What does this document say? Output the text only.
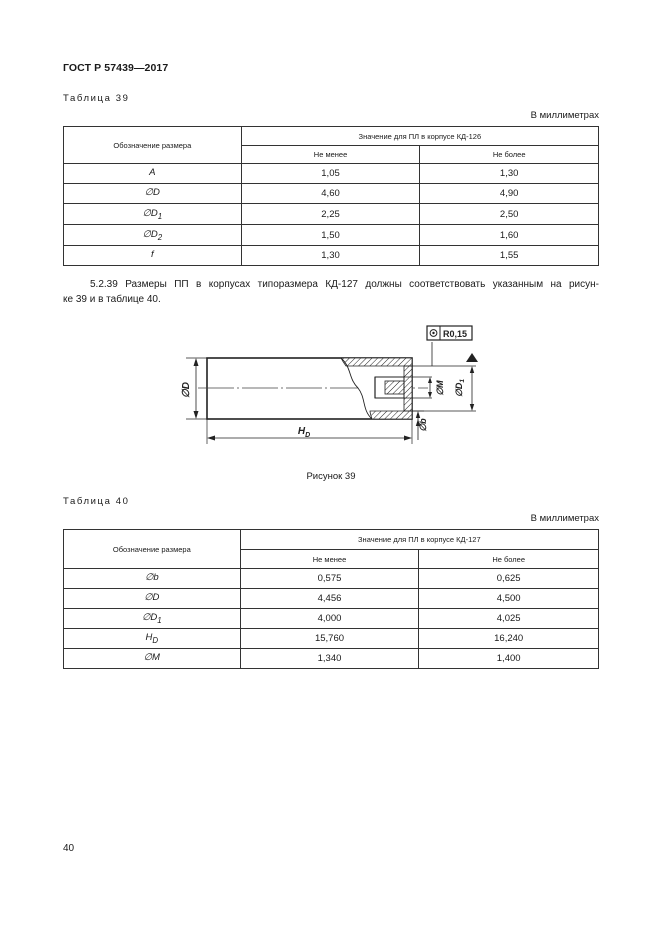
ГОСТ Р 57439—2017
Таблица 39
В миллиметрах
Обозначение размера	Значение для ПЛ в корпусе КД-126	
	Не менее	Не более
A	1,05	1,30
∅D	4,60	4,90
$\emptyset D_1$	2,25	2,50
$\emptyset D_2$	1,50	1,60
f	1,30	1,55
5.2.39 Размеры ПП в корпусах типоразмера КД-127 должны соответствовать указанным на рисун-
ке 39 и в таблице 40.
∅D
$H_D$
∅b
∅M $\emptyset D_1$
R0,15
Рисунок 39
Таблица 40
В миллиметрах
Обозначение размера	Значение для ПЛ в корпусе КД-127	
	Не менее	Не более
∅b	0,575	0,625
∅D	4,456	4,500
$\emptyset D_1$	4,000	4,025
$H_D$	15,760	16,240
∅M	1,340	1,400
40
